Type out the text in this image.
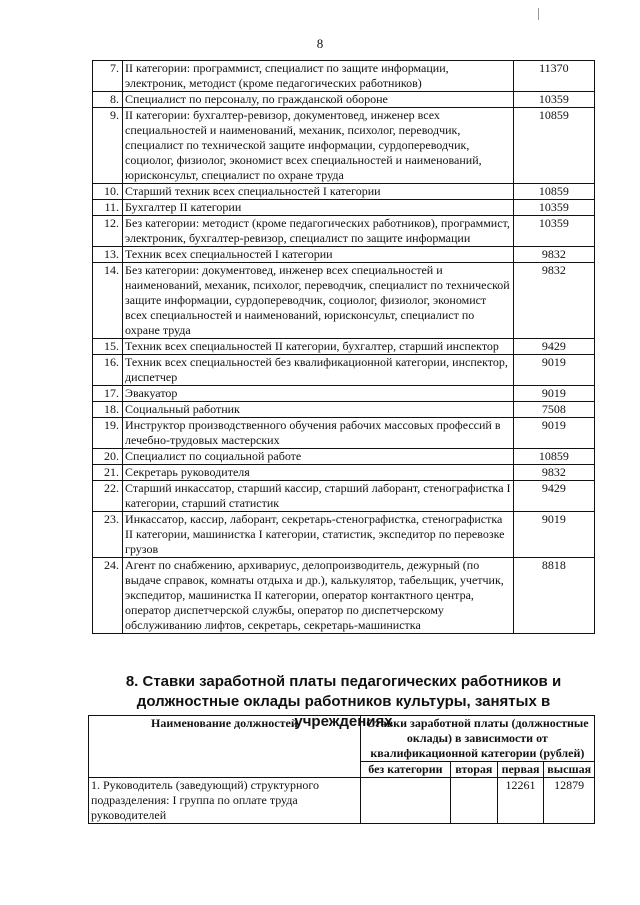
8
7.	II категории: программист, специалист по защите информации, электроник, методист (кроме педагогических работников)	11370
8.	Специалист по персоналу, по гражданской обороне	10359
9.	II категории: бухгалтер-ревизор, документовед, инженер всех специальностей и наименований, механик, психолог, переводчик, специалист по технической защите информации, сурдопереводчик, социолог, физиолог, экономист всех специальностей и наименований, юрисконсульт, специалист по охране труда	10859
10.	Старший техник всех специальностей I категории	10859
11.	Бухгалтер II категории	10359
12.	Без категории: методист (кроме педагогических работников), программист, электроник, бухгалтер-ревизор, специалист по защите информации	10359
13.	Техник всех специальностей I категории	9832
14.	Без категории: документовед, инженер всех специальностей и наименований, механик, психолог, переводчик, специалист по технической защите информации, сурдопереводчик, социолог, физиолог, экономист всех специальностей и наименований, юрисконсульт, специалист по охране труда	9832
15.	Техник всех специальностей II категории, бухгалтер, старший инспектор	9429
16.	Техник всех специальностей без квалификационной категории, инспектор, диспетчер	9019
17.	Эвакуатор	9019
18.	Социальный работник	7508
19.	Инструктор производственного обучения рабочих массовых профессий в лечебно-трудовых мастерских	9019
20.	Специалист по социальной работе	10859
21.	Секретарь руководителя	9832
22.	Старший инкассатор, старший кассир, старший лаборант, стенографистка I категории, старший статистик	9429
23.	Инкассатор, кассир, лаборант, секретарь-стенографистка, стенографистка II категории, машинистка I категории, статистик, экспедитор по перевозке грузов	9019
24.	Агент по снабжению, архивариус, делопроизводитель, дежурный (по выдаче справок, комнаты отдыха и др.), калькулятор, табельщик, учетчик, экспедитор, машинистка II категории, оператор контактного центра, оператор диспетчерской службы, оператор по диспетчерскому обслуживанию лифтов, секретарь, секретарь-машинистка	8818
8. Ставки заработной платы педагогических работников и должностные оклады работников культуры, занятых в учреждениях
Наименование должностей	Ставки заработной платы (должностные оклады) в зависимости от квалификационной категории (рублей)			
	без категории	вторая	первая	высшая
1. Руководитель (заведующий) структурного подразделения: I группа по оплате труда руководителей			12261	12879
